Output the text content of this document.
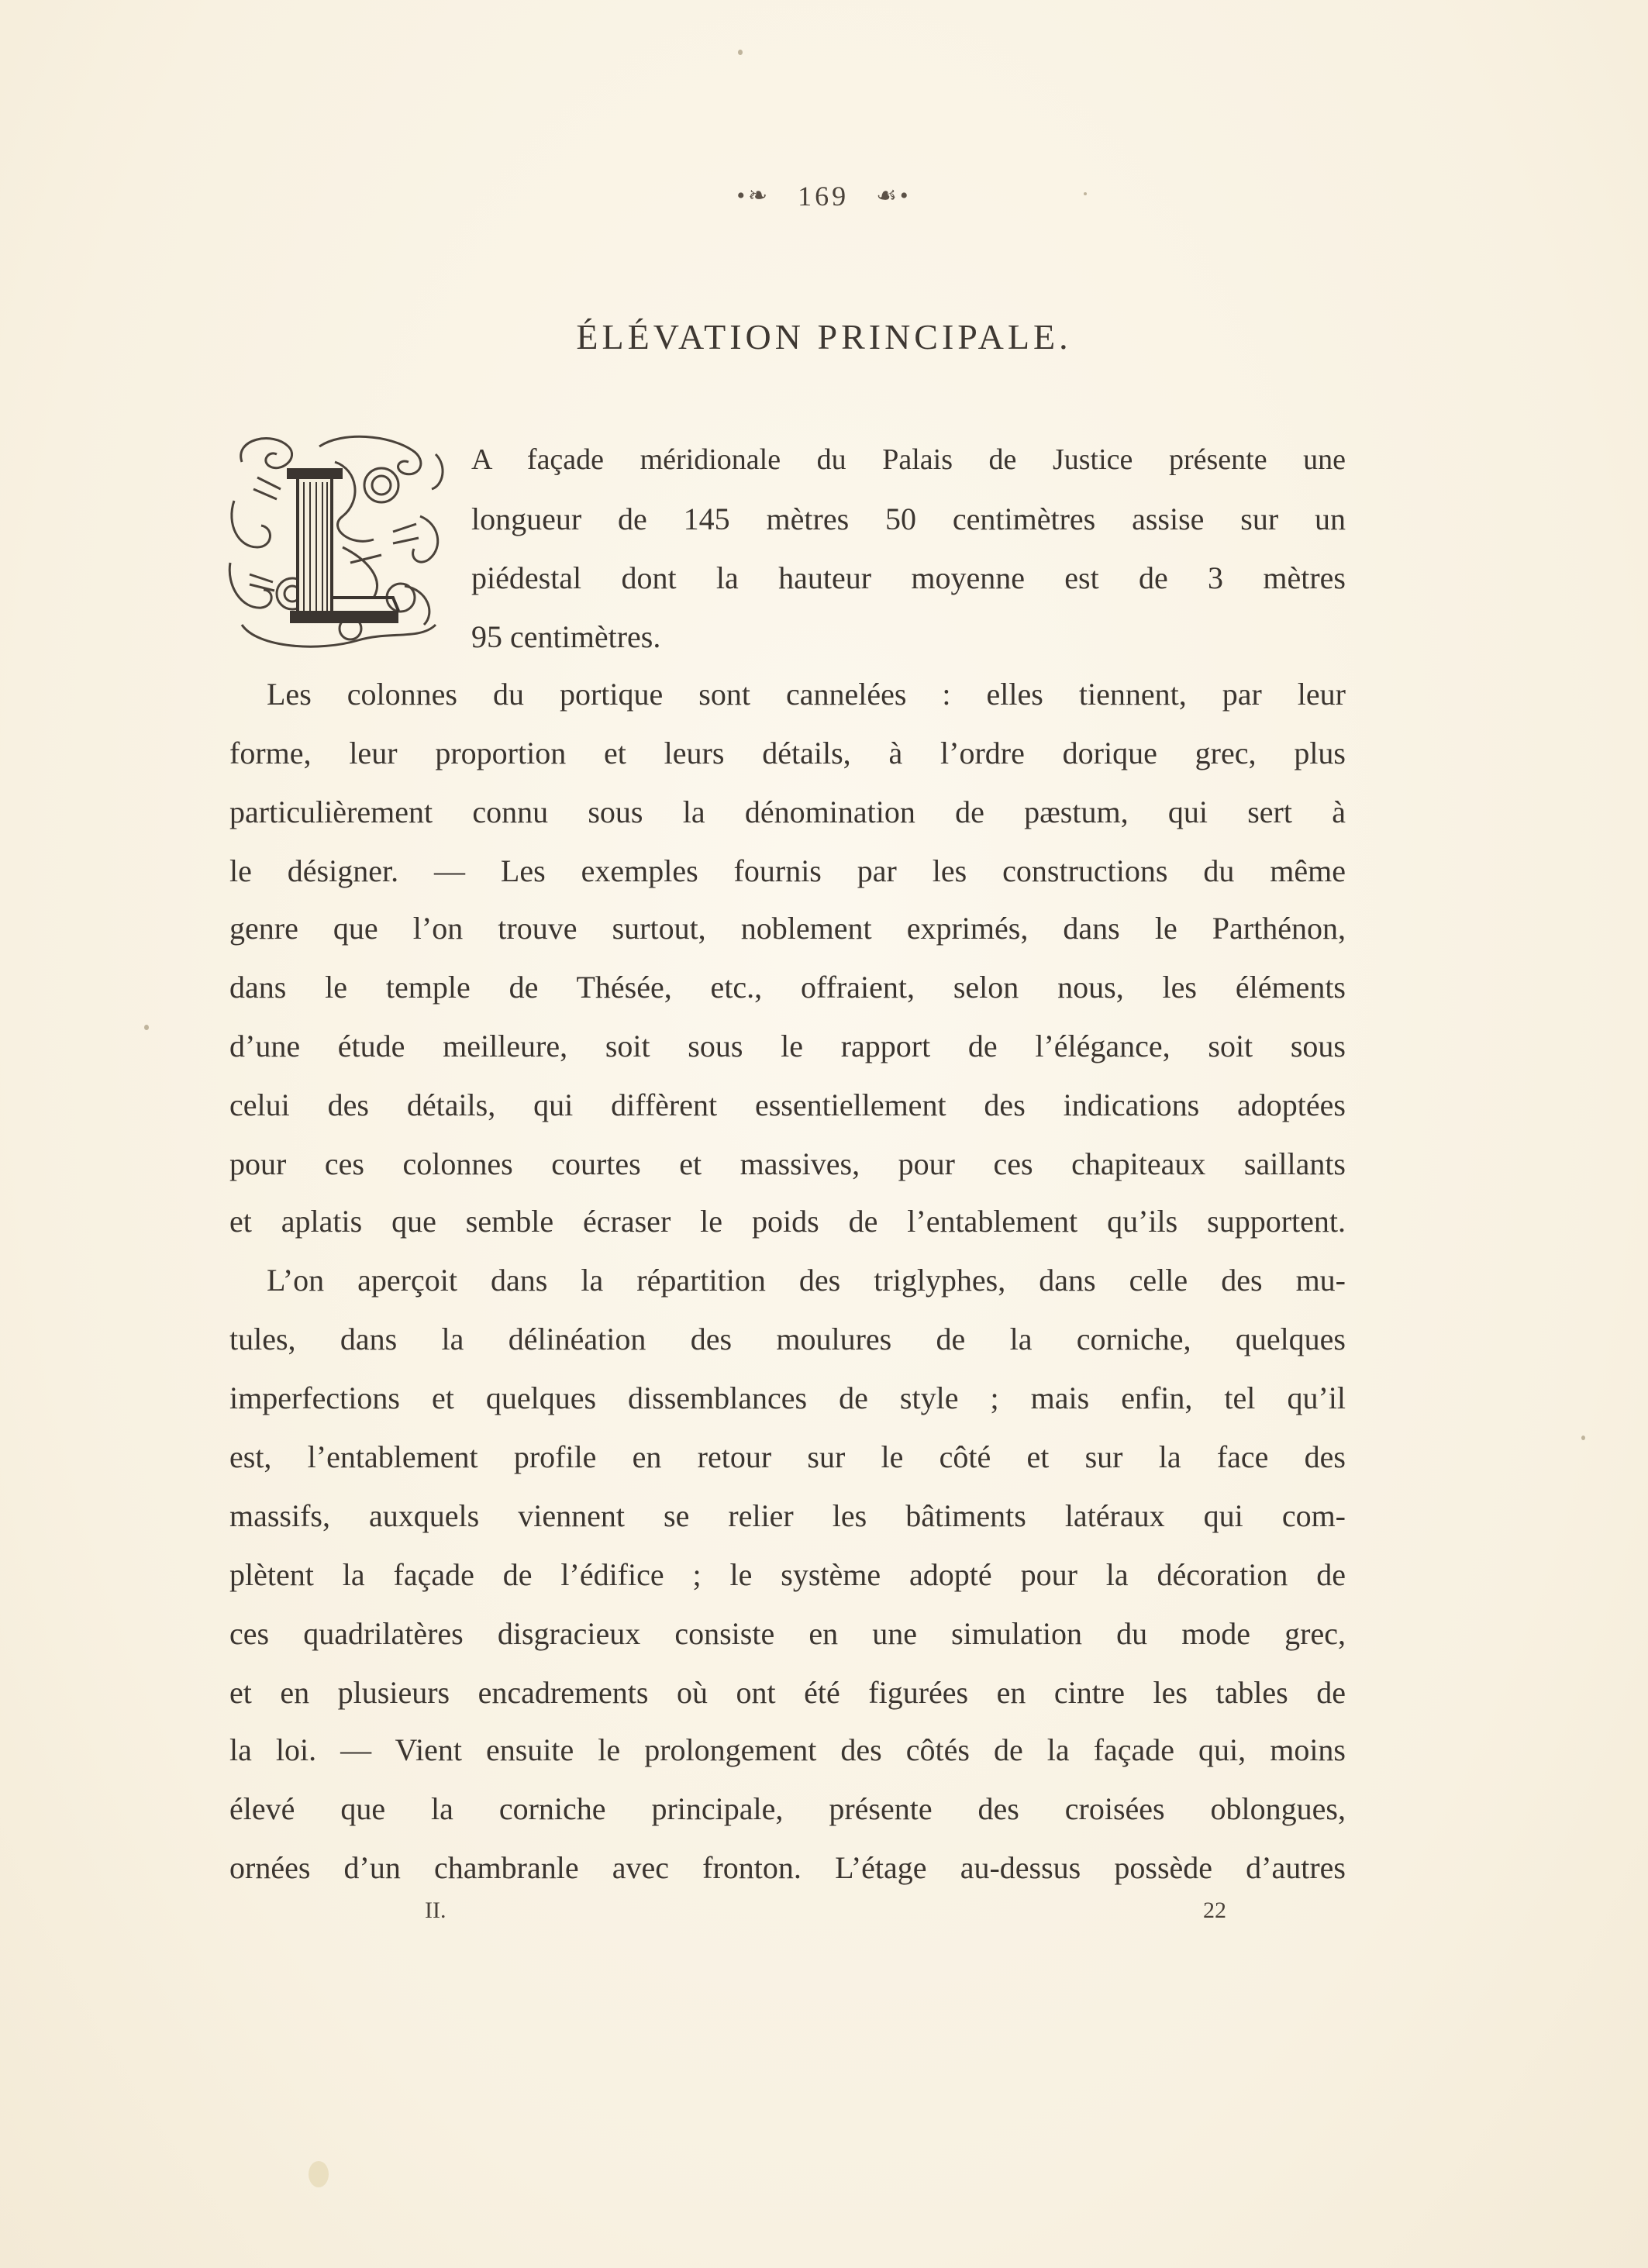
•❧ 169 ☙•
ÉLÉVATION PRINCIPALE.
A façade méridionale du Palais de Justice présente une
longueur de 145 mètres 50 centimètres assise sur un
piédestal dont la hauteur moyenne est de 3 mètres
95 centimètres.
Les colonnes du portique sont cannelées : elles tiennent, par leur
forme, leur proportion et leurs détails, à l’ordre dorique grec, plus
particulièrement connu sous la dénomination de pæstum, qui sert à
le désigner. — Les exemples fournis par les constructions du même
genre que l’on trouve surtout, noblement exprimés, dans le Parthénon,
dans le temple de Thésée, etc., offraient, selon nous, les éléments
d’une étude meilleure, soit sous le rapport de l’élégance, soit sous
celui des détails, qui diffèrent essentiellement des indications adoptées
pour ces colonnes courtes et massives, pour ces chapiteaux saillants
et aplatis que semble écraser le poids de l’entablement qu’ils supportent.
L’on aperçoit dans la répartition des triglyphes, dans celle des mu-
tules, dans la délinéation des moulures de la corniche, quelques
imperfections et quelques dissemblances de style ; mais enfin, tel qu’il
est, l’entablement profile en retour sur le côté et sur la face des
massifs, auxquels viennent se relier les bâtiments latéraux qui com-
plètent la façade de l’édifice ; le système adopté pour la décoration de
ces quadrilatères disgracieux consiste en une simulation du mode grec,
et en plusieurs encadrements où ont été figurées en cintre les tables de
la loi. — Vient ensuite le prolongement des côtés de la façade qui, moins
élevé que la corniche principale, présente des croisées oblongues,
ornées d’un chambranle avec fronton. L’étage au-dessus possède d’autres
II.	22
